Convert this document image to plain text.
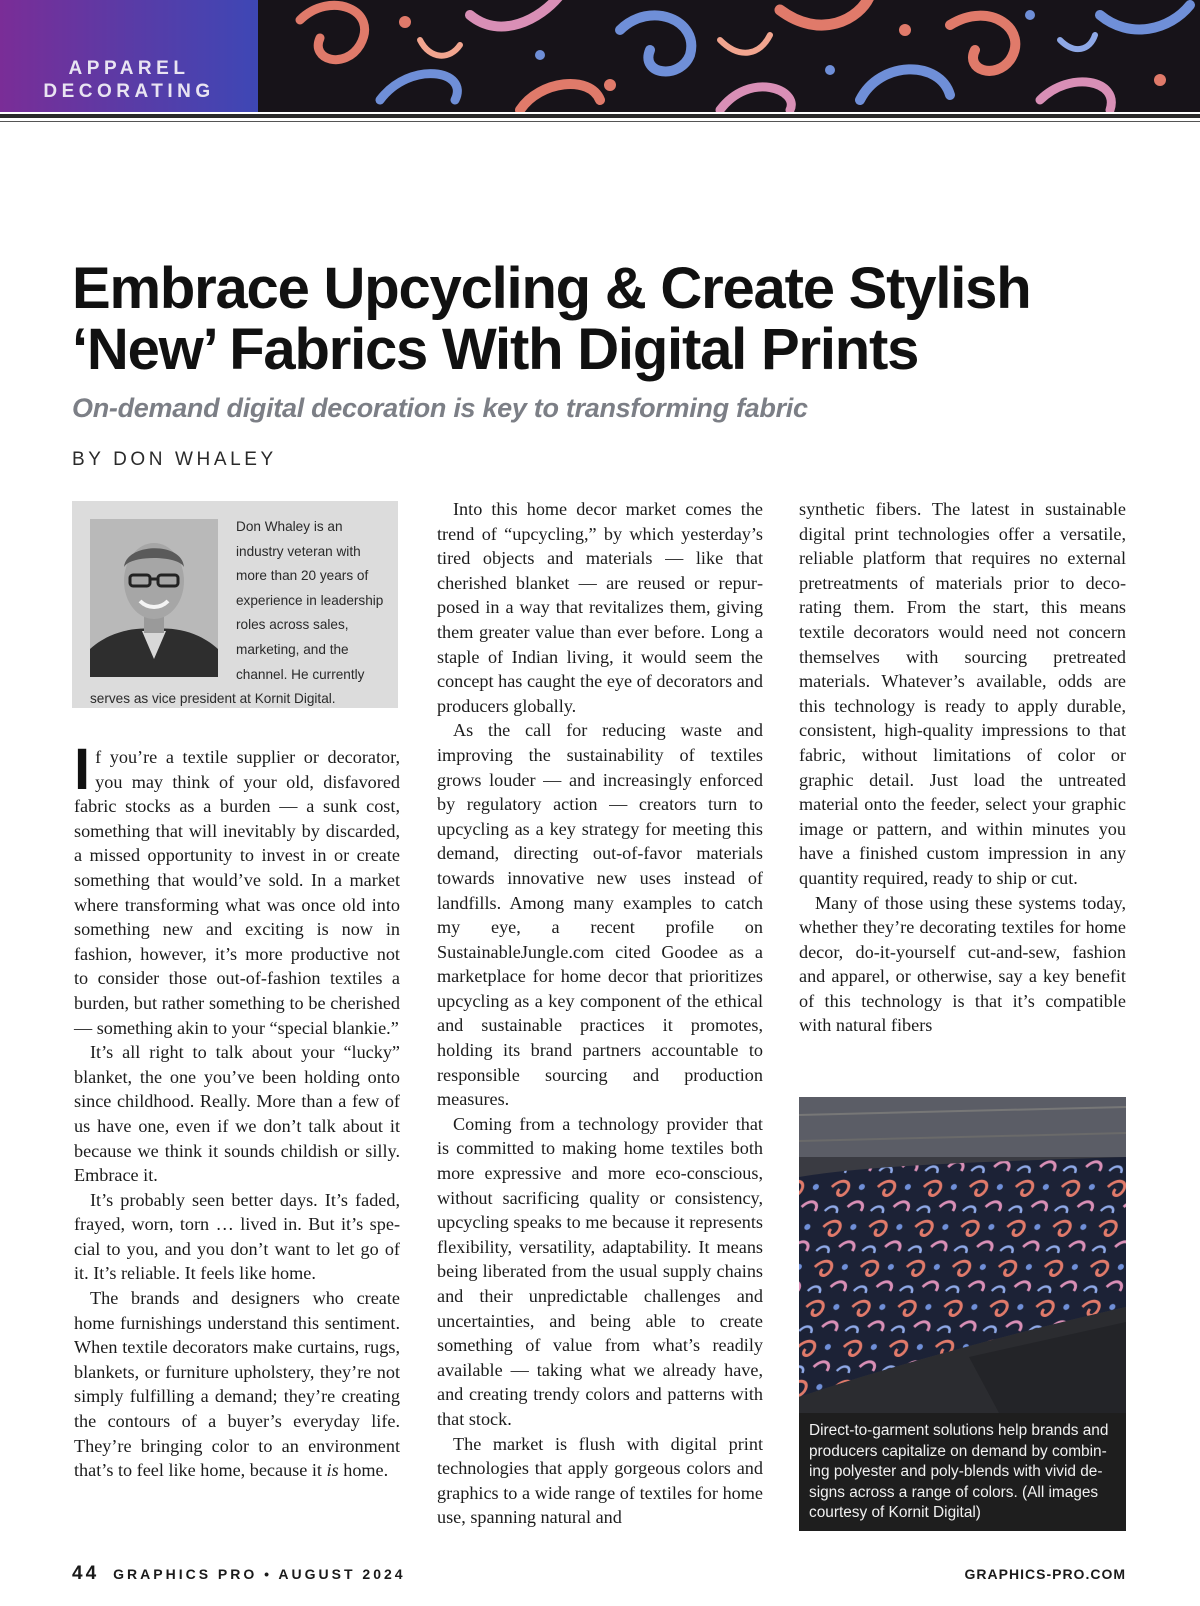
APPAREL
DECORATING
Embrace Upcycling & Create Stylish
‘New’ Fabrics With Digital Prints
On-demand digital decoration is key to transforming fabric
BY DON WHALEY
Don Whaley is an industry veteran with more than 20 years of experience in leadership roles across sales, marketing, and the channel. He currently serves as vice president at Kornit Digital.

If you’re a textile supplier or decorator, you may think of your old, disfavored fabric stocks as a burden — a sunk cost, something that will inevitably by discarded, a missed opportunity to invest in or create something that would’ve sold. In a market where transforming what was once old into something new and exciting is now in fashion, however, it’s more productive not to consider those out-of-fashion textiles a burden, but rather something to be cherished — something akin to your “special blankie.”

It’s all right to talk about your “lucky” blanket, the one you’ve been holding onto since childhood. Really. More than a few of us have one, even if we don’t talk about it because we think it sounds childish or silly. Embrace it.

It’s probably seen better days. It’s faded, frayed, worn, torn … lived in. But it’s special to you, and you don’t want to let go of it. It’s reliable. It feels like home.

The brands and designers who create home furnishings understand this sentiment. When textile decorators make curtains, rugs, blankets, or furniture upholstery, they’re not simply fulfilling a demand; they’re creating the contours of a buyer’s everyday life. They’re bringing color to an environment that’s to feel like home, because it is home.

Into this home decor market comes the trend of “upcycling,” by which yesterday’s tired objects and materials — like that cherished blanket — are reused or repurposed in a way that revitalizes them, giving them greater value than ever before. Long a staple of Indian living, it would seem the concept has caught the eye of decorators and producers globally.

As the call for reducing waste and improving the sustainability of textiles grows louder — and increasingly enforced by regulatory action — creators turn to upcycling as a key strategy for meeting this demand, directing out-of-favor materials towards innovative new uses instead of landfills. Among many examples to catch my eye, a recent profile on SustainableJungle.com cited Goodee as a marketplace for home decor that prioritizes upcycling as a key component of the ethical and sustainable practices it promotes, holding its brand partners accountable to responsible sourcing and production measures.

Coming from a technology provider that is committed to making home textiles both more expressive and more eco-conscious, without sacrificing quality or consistency, upcycling speaks to me because it represents flexibility, versatility, adaptability. It means being liberated from the usual supply chains and their unpredictable challenges and uncertainties, and being able to create something of value from what’s readily available — taking what we already have, and creating trendy colors and patterns with that stock.

The market is flush with digital print technologies that apply gorgeous colors and graphics to a wide range of textiles for home use, spanning natural and

synthetic fibers. The latest in sustainable digital print technologies offer a versatile, reliable platform that requires no external pretreatments of materials prior to decorating them. From the start, this means textile decorators would need not concern themselves with sourcing pretreated materials. Whatever’s available, odds are this technology is ready to apply durable, consistent, high-quality impressions to that fabric, without limitations of color or graphic detail. Just load the untreated material onto the feeder, select your graphic image or pattern, and within minutes you have a finished custom impression in any quantity required, ready to ship or cut.

Many of those using these systems today, whether they’re decorating textiles for home decor, do-it-yourself cut-and-sew, fashion and apparel, or otherwise, say a key benefit of this technology is that it’s compatible with natural fibers

Direct-to-garment solutions help brands and producers capitalize on demand by combining polyester and poly-blends with vivid designs across a range of colors. (All images courtesy of Kornit Digital)
44 GRAPHICS PRO • AUGUST 2024	GRAPHICS-PRO.COM
